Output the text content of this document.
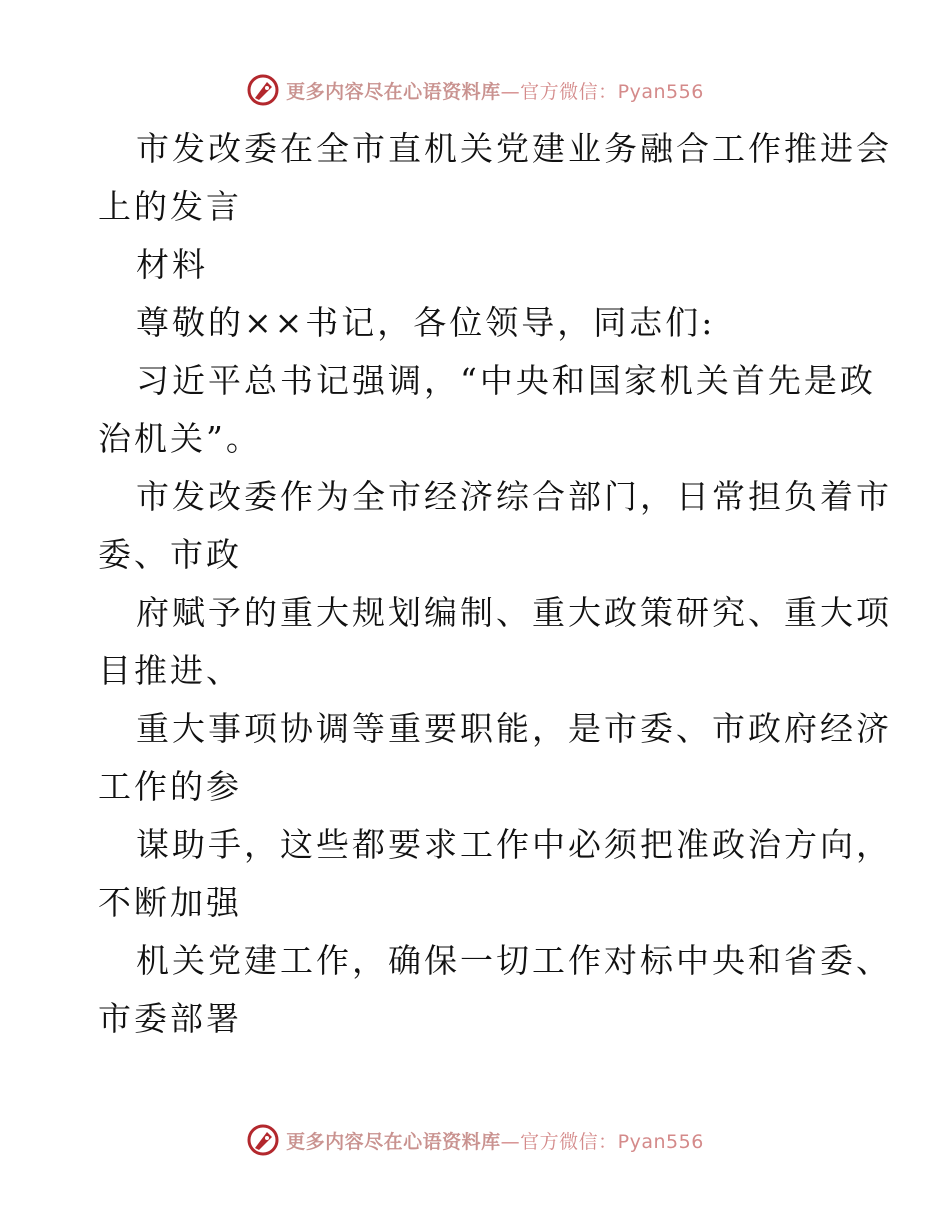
更多内容尽在心语资料库—官方微信：Pyan556
市发改委在全市直机关党建业务融合工作推进会
上的发言
材料
尊敬的××书记，各位领导，同志们:
习近平总书记强调，“中央和国家机关首先是政
治机关”。
市发改委作为全市经济综合部门，日常担负着市
委、市政
府赋予的重大规划编制、重大政策研究、重大项
目推进、
重大事项协调等重要职能，是市委、市政府经济
工作的参
谋助手，这些都要求工作中必须把准政治方向，
不断加强
机关党建工作，确保一切工作对标中央和省委、
市委部署
更多内容尽在心语资料库—官方微信：Pyan556
